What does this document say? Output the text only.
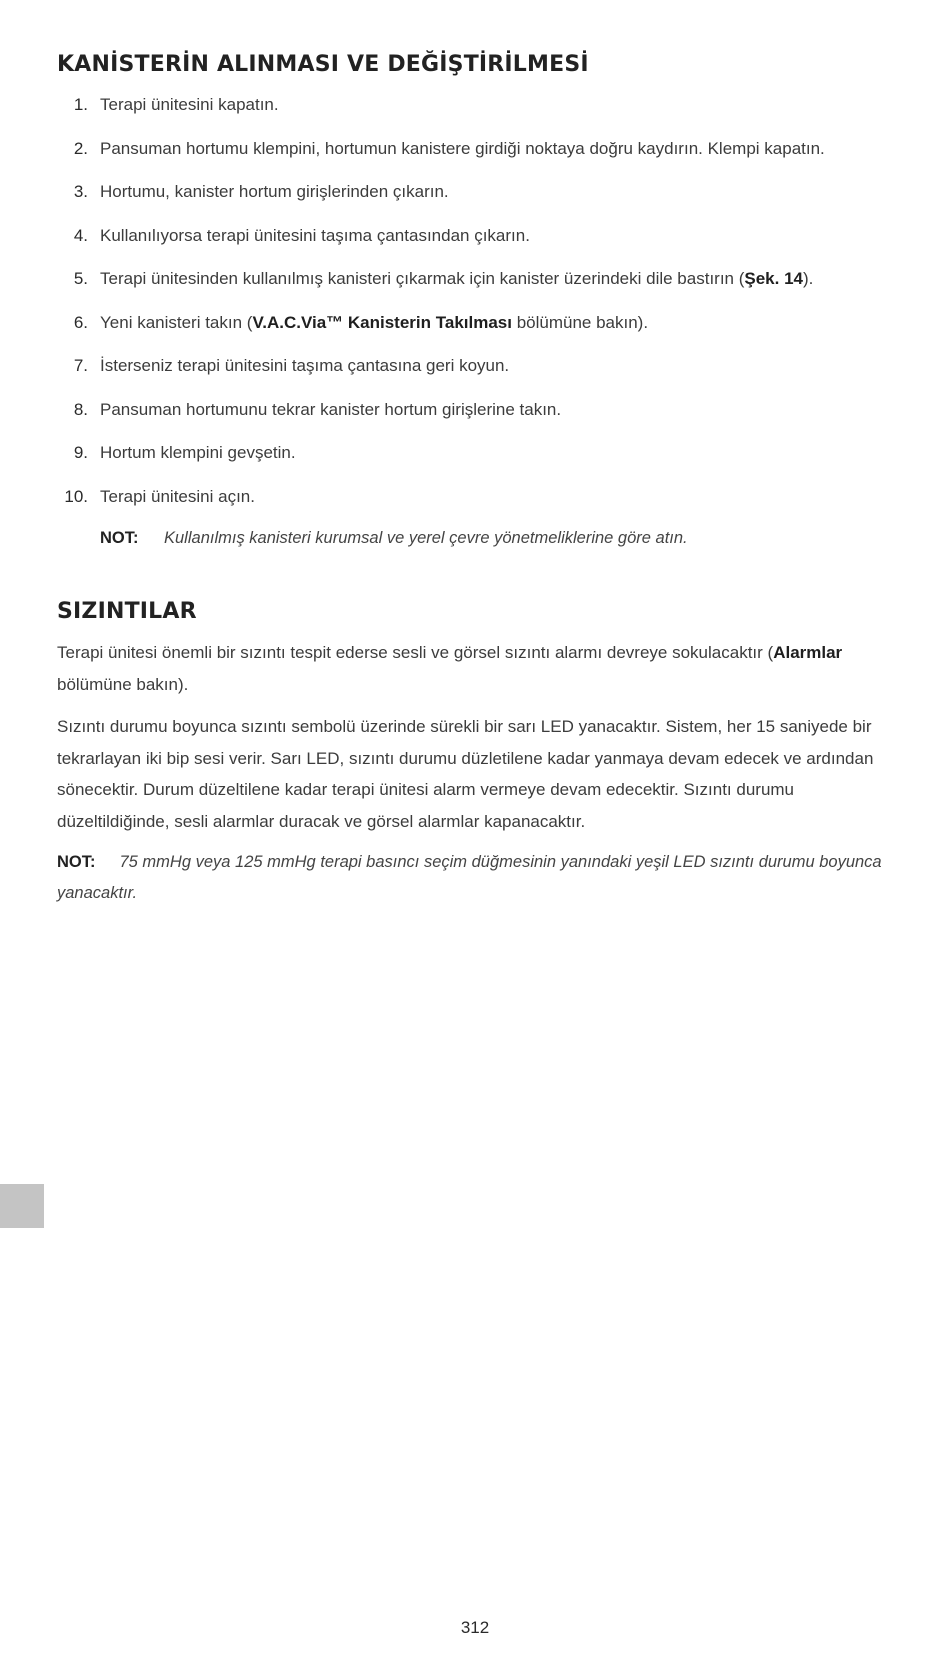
KANİSTERİN ALINMASI VE DEĞİŞTİRİLMESİ
1. Terapi ünitesini kapatın.
2. Pansuman hortumu klempini, hortumun kanistere girdiği noktaya doğru kaydırın. Klempi kapatın.
3. Hortumu, kanister hortum girişlerinden çıkarın.
4. Kullanılıyorsa terapi ünitesini taşıma çantasından çıkarın.
5. Terapi ünitesinden kullanılmış kanisteri çıkarmak için kanister üzerindeki dile bastırın (Şek. 14).
6. Yeni kanisteri takın (V.A.C.Via™ Kanisterin Takılması bölümüne bakın).
7. İsterseniz terapi ünitesini taşıma çantasına geri koyun.
8. Pansuman hortumunu tekrar kanister hortum girişlerine takın.
9. Hortum klempini gevşetin.
10. Terapi ünitesini açın.
NOT:	Kullanılmış kanisteri kurumsal ve yerel çevre yönetmeliklerine göre atın.
SIZINTILAR

Terapi ünitesi önemli bir sızıntı tespit ederse sesli ve görsel sızıntı alarmı devreye sokulacaktır (Alarmlar bölümüne bakın).

Sızıntı durumu boyunca sızıntı sembolü üzerinde sürekli bir sarı LED yanacaktır. Sistem, her 15 saniyede bir tekrarlayan iki bip sesi verir. Sarı LED, sızıntı durumu düzletilene kadar yanmaya devam edecek ve ardından sönecektir. Durum düzeltilene kadar terapi ünitesi alarm vermeye devam edecektir. Sızıntı durumu düzeltildiğinde, sesli alarmlar duracak ve görsel alarmlar kapanacaktır.

NOT: 75 mmHg veya 125 mmHg terapi basıncı seçim düğmesinin yanındaki yeşil LED sızıntı durumu boyunca yanacaktır.

312
